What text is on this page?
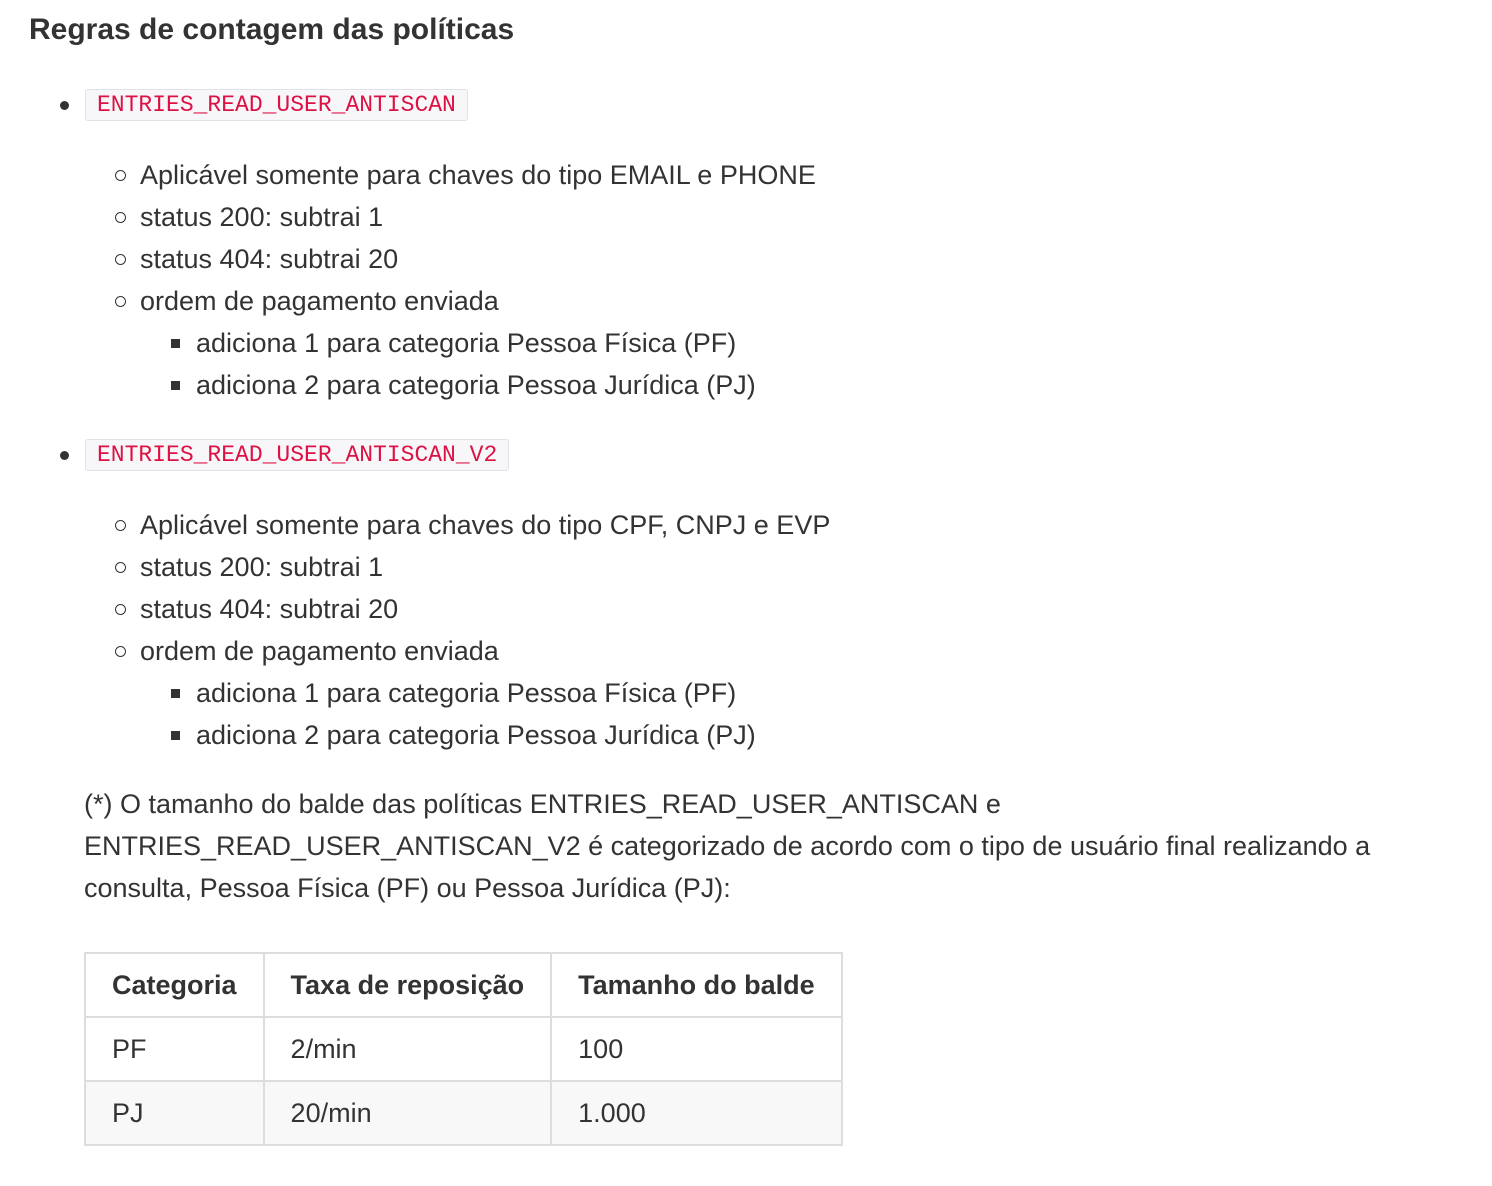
Regras de contagem das políticas
ENTRIES_READ_USER_ANTISCAN
Aplicável somente para chaves do tipo EMAIL e PHONE
status 200: subtrai 1
status 404: subtrai 20
ordem de pagamento enviada
adiciona 1 para categoria Pessoa Física (PF)
adiciona 2 para categoria Pessoa Jurídica (PJ)
ENTRIES_READ_USER_ANTISCAN_V2
Aplicável somente para chaves do tipo CPF, CNPJ e EVP
status 200: subtrai 1
status 404: subtrai 20
ordem de pagamento enviada
adiciona 1 para categoria Pessoa Física (PF)
adiciona 2 para categoria Pessoa Jurídica (PJ)

(*) O tamanho do balde das políticas ENTRIES_READ_USER_ANTISCAN e ENTRIES_READ_USER_ANTISCAN_V2 é categorizado de acordo com o tipo de usuário final realizando a consulta, Pessoa Física (PF) ou Pessoa Jurídica (PJ):

Categoria	Taxa de reposição	Tamanho do balde
PF	2/min	100
PJ	20/min	1.000
